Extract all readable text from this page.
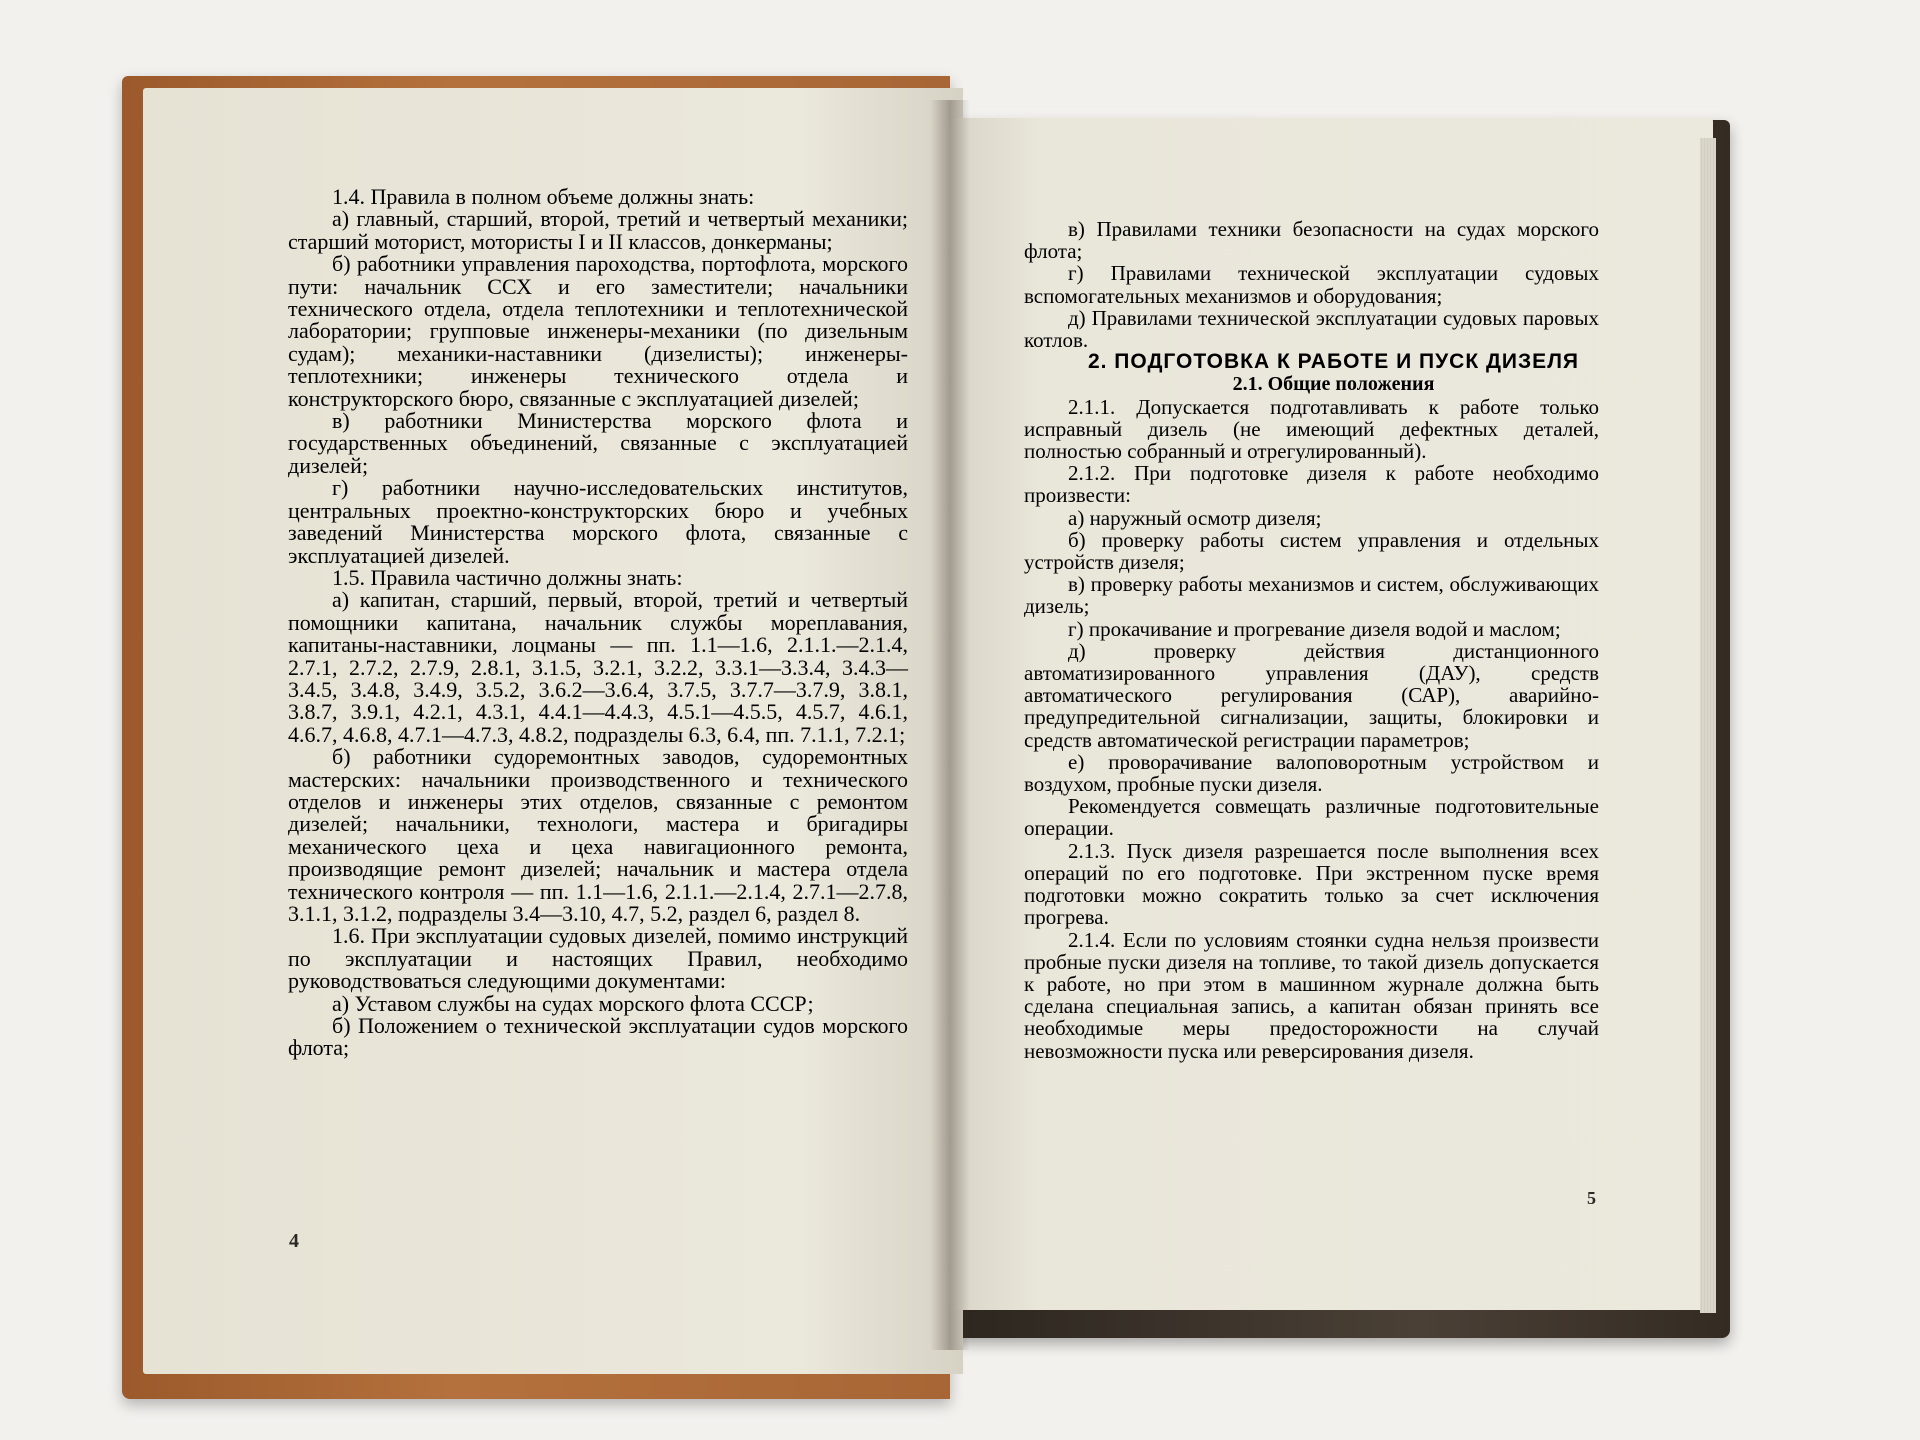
1.4. Правила в полном объеме должны знать:

а) главный, старший, второй, третий и четвертый механики; старший моторист, мотористы I и II классов, донкерманы;

б) работники управления пароходства, портофлота, морского пути: начальник ССХ и его заместители; начальники технического отдела, отдела теплотехники и теплотехнической лаборатории; групповые инженеры-механики (по дизельным судам); механики-наставники (дизелисты); инженеры-теплотехники; инженеры технического отдела и конструкторского бюро, связанные с эксплуатацией дизелей;

в) работники Министерства морского флота и государственных объединений, связанные с эксплуатацией дизелей;

г) работники научно-исследовательских институтов, центральных проектно-конструкторских бюро и учебных заведений Министерства морского флота, связанные с эксплуатацией дизелей.

1.5. Правила частично должны знать:

а) капитан, старший, первый, второй, третий и четвертый помощники капитана, начальник службы мореплавания, капитаны-наставники, лоцманы — пп. 1.1—1.6, 2.1.1.—2.1.4, 2.7.1, 2.7.2, 2.7.9, 2.8.1, 3.1.5, 3.2.1, 3.2.2, 3.3.1—3.3.4, 3.4.3—3.4.5, 3.4.8, 3.4.9, 3.5.2, 3.6.2—3.6.4, 3.7.5, 3.7.7—3.7.9, 3.8.1, 3.8.7, 3.9.1, 4.2.1, 4.3.1, 4.4.1—4.4.3, 4.5.1—4.5.5, 4.5.7, 4.6.1, 4.6.7, 4.6.8, 4.7.1—4.7.3, 4.8.2, подразделы 6.3, 6.4, пп. 7.1.1, 7.2.1;

б) работники судоремонтных заводов, судоремонтных мастерских: начальники производственного и технического отделов и инженеры этих отделов, связанные с ремонтом дизелей; начальники, технологи, мастера и бригадиры механического цеха и цеха навигационного ремонта, производящие ремонт дизелей; начальник и мастера отдела технического контроля — пп. 1.1—1.6, 2.1.1.—2.1.4, 2.7.1—2.7.8, 3.1.1, 3.1.2, подразделы 3.4—3.10, 4.7, 5.2, раздел 6, раздел 8.

1.6. При эксплуатации судовых дизелей, помимо инструкций по эксплуатации и настоящих Правил, необходимо руководствоваться следующими документами:

а) Уставом службы на судах морского флота СССР;

б) Положением о технической эксплуатации судов морского флота;

4

в) Правилами техники безопасности на судах морского флота;

г) Правилами технической эксплуатации судовых вспомогательных механизмов и оборудования;

д) Правилами технической эксплуатации судовых паровых котлов.

2. ПОДГОТОВКА К РАБОТЕ И ПУСК ДИЗЕЛЯ

2.1. Общие положения

2.1.1. Допускается подготавливать к работе только исправный дизель (не имеющий дефектных деталей, полностью собранный и отрегулированный).

2.1.2. При подготовке дизеля к работе необходимо произвести:

а) наружный осмотр дизеля;

б) проверку работы систем управления и отдельных устройств дизеля;

в) проверку работы механизмов и систем, обслуживающих дизель;

г) прокачивание и прогревание дизеля водой и маслом;

д) проверку действия дистанционного автоматизированного управления (ДАУ), средств автоматического регулирования (САР), аварийно-предупредительной сигнализации, защиты, блокировки и средств автоматической регистрации параметров;

е) проворачивание валоповоротным устройством и воздухом, пробные пуски дизеля.

Рекомендуется совмещать различные подготовительные операции.

2.1.3. Пуск дизеля разрешается после выполнения всех операций по его подготовке. При экстренном пуске время подготовки можно сократить только за счет исключения прогрева.

2.1.4. Если по условиям стоянки судна нельзя произвести пробные пуски дизеля на топливе, то такой дизель допускается к работе, но при этом в машинном журнале должна быть сделана специальная запись, а капитан обязан принять все необходимые меры предосторожности на случай невозможности пуска или реверсирования дизеля.

5
